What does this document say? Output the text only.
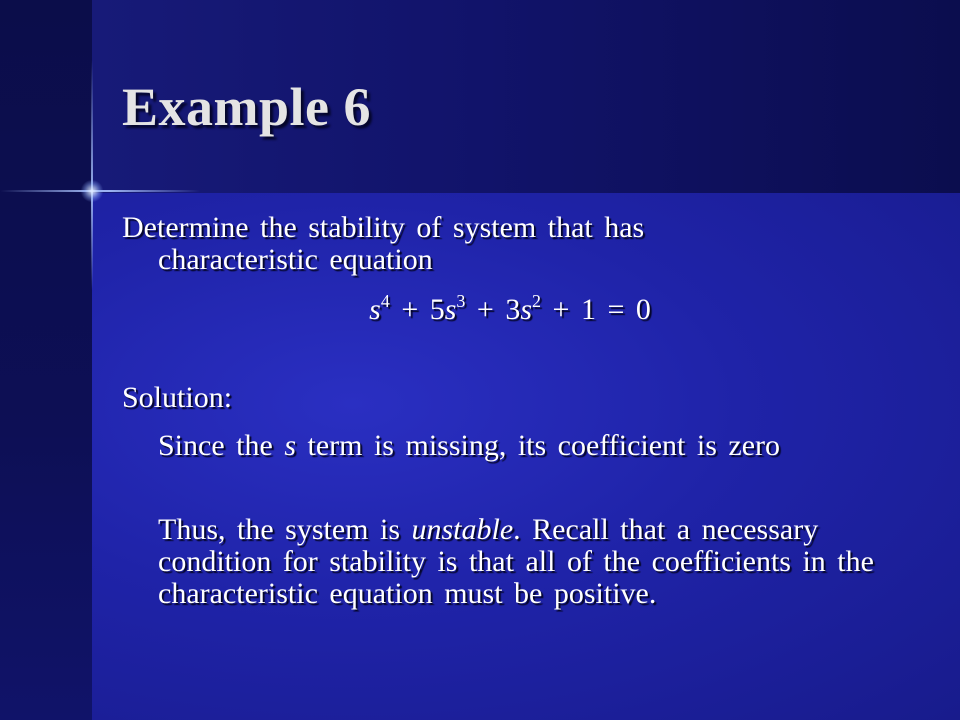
Example 6
Determine the stability of system that has
characteristic equation
$s^4 + 5s^3 + 3s^2 + 1 = 0$
Solution:
Since the s term is missing, its coefficient is zero
Thus, the system is unstable. Recall that a necessary condition for stability is that all of the coefficients in the characteristic equation must be positive.
